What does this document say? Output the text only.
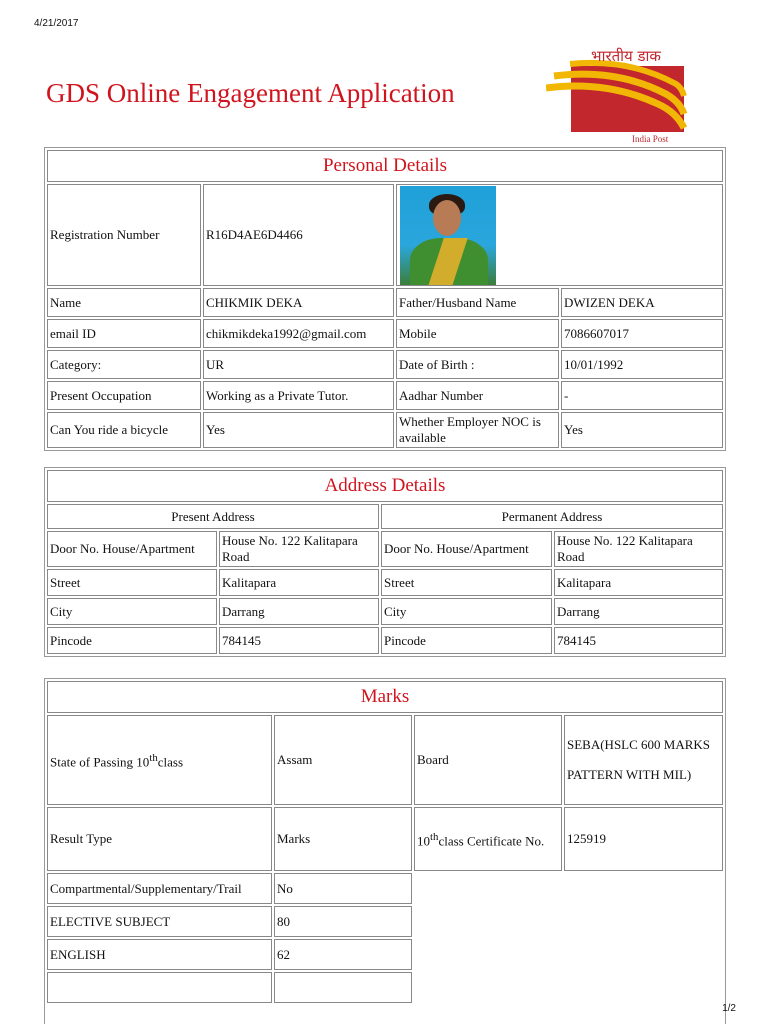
4/21/2017
GDS Online Engagement Application
भारतीय डाक
India Post
Personal Details			
Registration Number	R16D4AE6D4466		

Name	CHIKMIK DEKA	Father/Husband Name	DWIZEN DEKA
email ID	chikmikdeka1992@gmail.com	Mobile	7086607017
Category:	UR	Date of Birth :	10/01/1992
Present Occupation	Working as a Private Tutor.	Aadhar Number	-
Can You ride a bicycle	Yes	Whether Employer NOC is available	Yes
Address Details			
Present Address		Permanent Address	
Door No. House/Apartment	House No. 122 Kalitapara Road	Door No. House/Apartment	House No. 122 Kalitapara Road
Street	Kalitapara	Street	Kalitapara
City	Darrang	City	Darrang
Pincode	784145	Pincode	784145
Marks			
State of Passing 10thclass	Assam	Board	SEBA(HSLC 600 MARKS PATTERN WITH MIL)
Result Type	Marks	10thclass Certificate No.	125919
Compartmental/Supplementary/Trail	No		
ELECTIVE SUBJECT	80		
ENGLISH	62		

1/2
